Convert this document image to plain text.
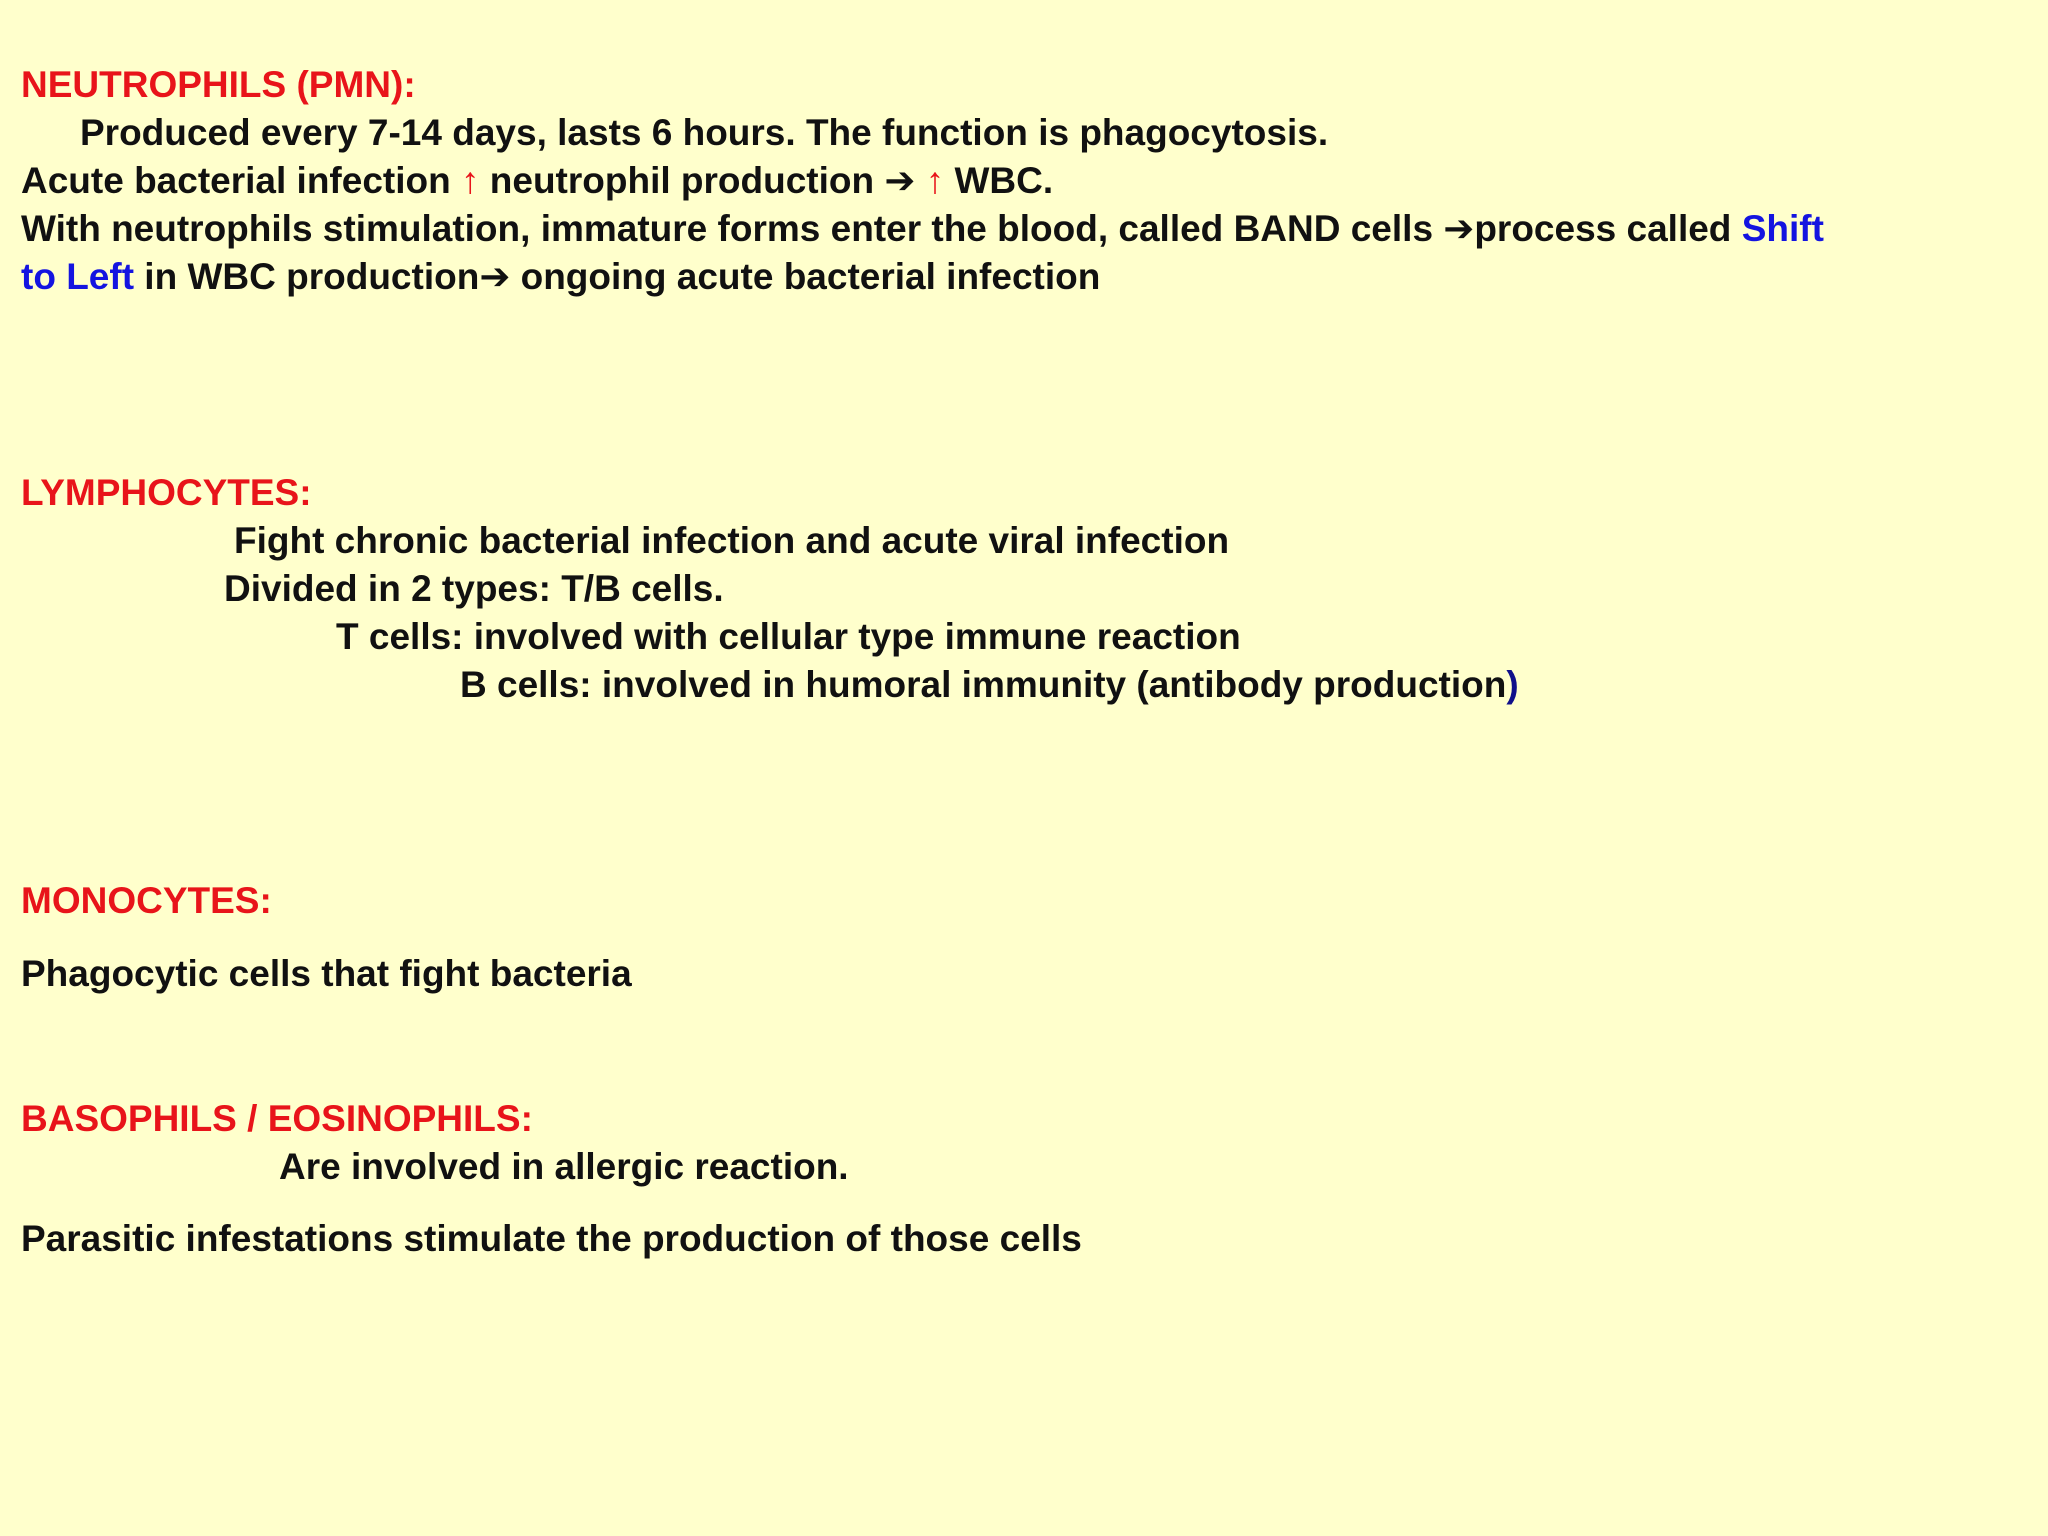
NEUTROPHILS (PMN):
Produced every 7-14 days, lasts 6 hours. The function is phagocytosis.
Acute bacterial infection ↑ neutrophil production ➔ ↑ WBC.
With neutrophils stimulation, immature forms enter the blood, called BAND cells ➔process called Shift
to Left in WBC production➔ ongoing acute bacterial infection
LYMPHOCYTES:
Fight chronic bacterial infection and acute viral infection
Divided in 2 types: T/B cells.
T cells: involved with cellular type immune reaction
B cells: involved in humoral immunity (antibody production)
MONOCYTES:
Phagocytic cells that fight bacteria
BASOPHILS / EOSINOPHILS:
Are involved in allergic reaction.
Parasitic infestations stimulate the production of those cells
